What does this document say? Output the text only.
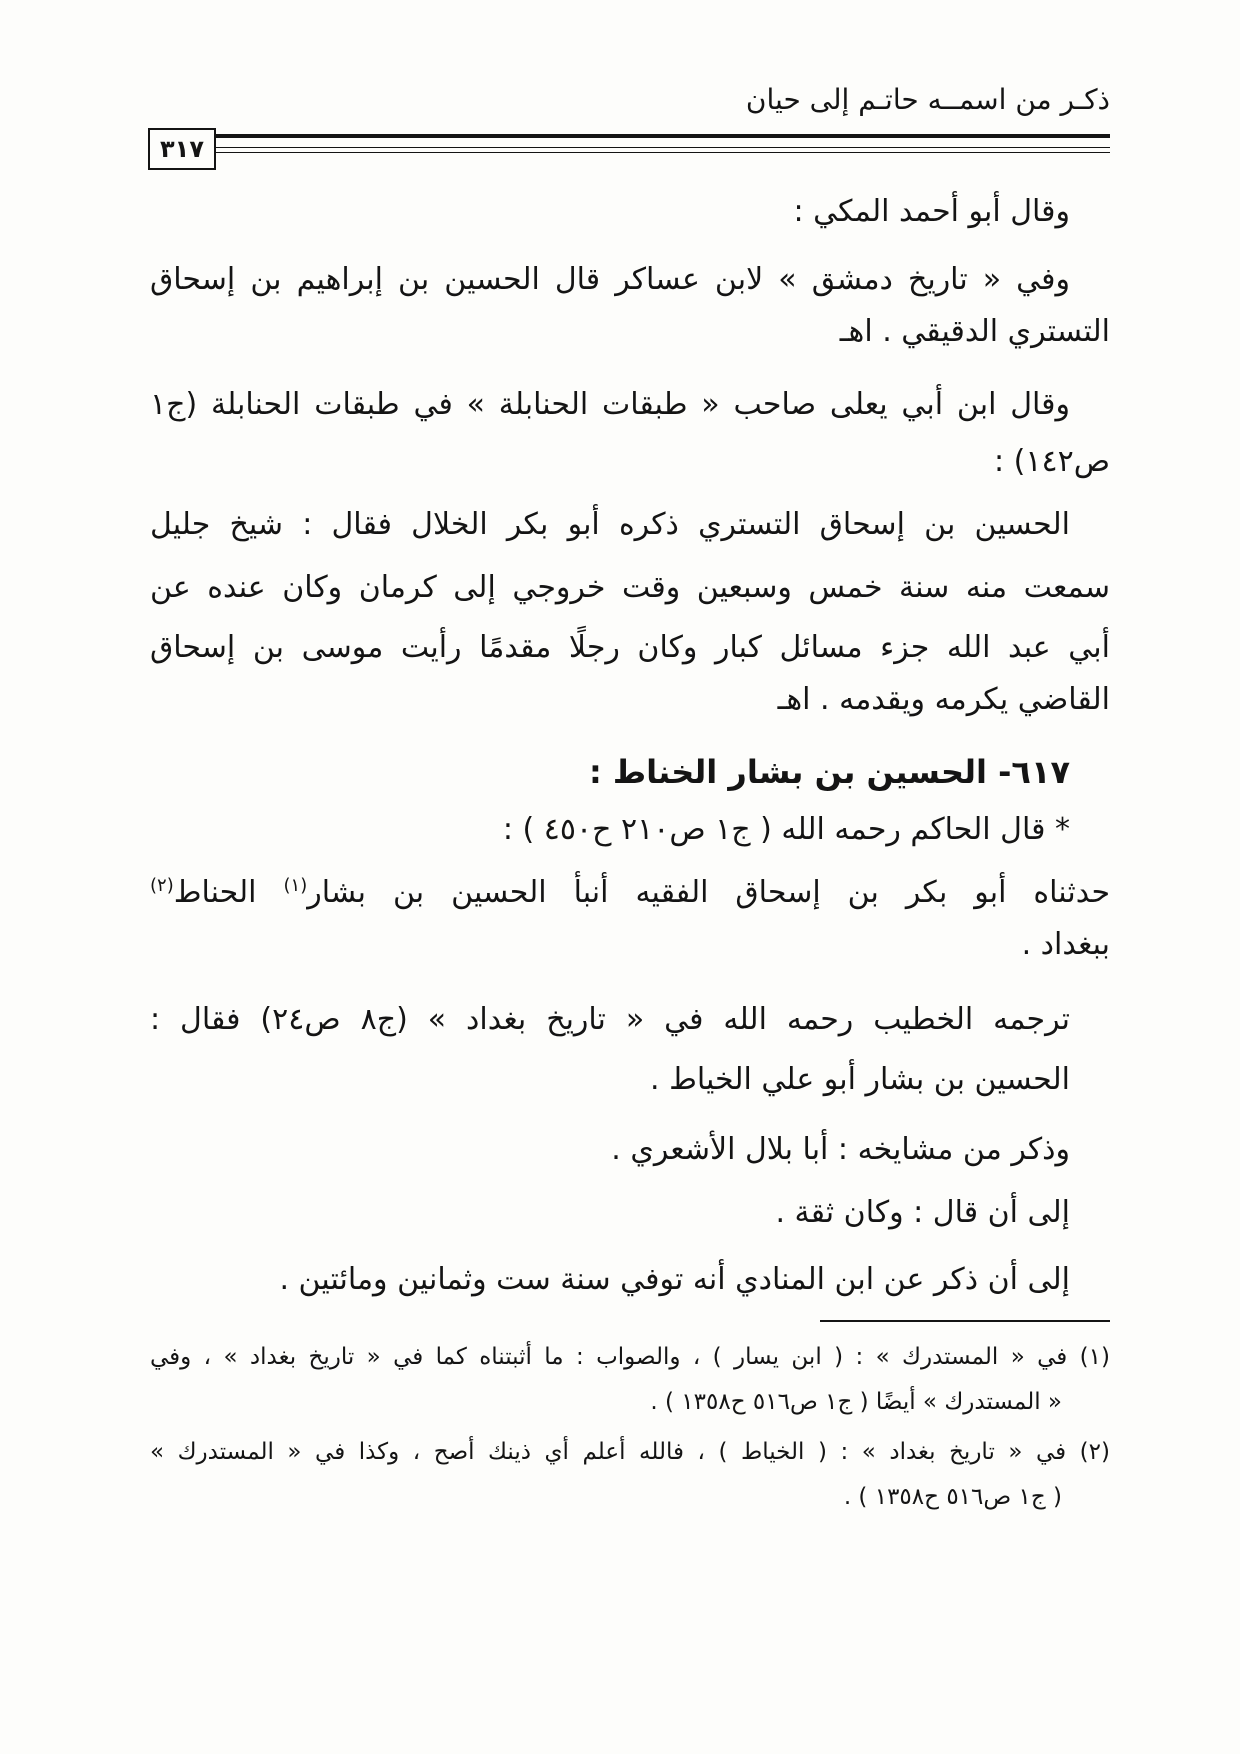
ذكـر من اسمــه حاتـم إلى حيان
٣١٧
وقال أبو أحمد المكي :
وفي « تاريخ دمشق » لابن عساكر قال الحسين بن إبراهيم بن إسحاق
التستري الدقيقي . اهـ
وقال ابن أبي يعلى صاحب « طبقات الحنابلة » في طبقات الحنابلة (ج١
ص١٤٢) :
الحسين بن إسحاق التستري ذكره أبو بكر الخلال فقال : شيخ جليل
سمعت منه سنة خمس وسبعين وقت خروجي إلى كرمان وكان عنده عن
أبي عبد الله جزء مسائل كبار وكان رجلًا مقدمًا رأيت موسى بن إسحاق
القاضي يكرمه ويقدمه . اهـ
٦١٧- الحسين بن بشار الخناط :
* قال الحاكم رحمه الله ( ج١ ص٢١٠ ح٤٥٠ ) :
حدثناه أبو بكر بن إسحاق الفقيه أنبأ الحسين بن بشار$^{(١)}$ الحناط$^{(٢)}$
ببغداد .
ترجمه الخطيب رحمه الله في « تاريخ بغداد » (ج٨ ص٢٤) فقال :
الحسين بن بشار أبو علي الخياط .
وذكر من مشايخه : أبا بلال الأشعري .
إلى أن قال : وكان ثقة .
إلى أن ذكر عن ابن المنادي أنه توفي سنة ست وثمانين ومائتين .
(١) في « المستدرك » : ( ابن يسار ) ، والصواب : ما أثبتناه كما في « تاريخ بغداد » ، وفي
« المستدرك » أيضًا ( ج١ ص٥١٦ ح١٣٥٨ ) .
(٢) في « تاريخ بغداد » : ( الخياط ) ، فالله أعلم أي ذينك أصح ، وكذا في « المستدرك »
( ج١ ص٥١٦ ح١٣٥٨ ) .
